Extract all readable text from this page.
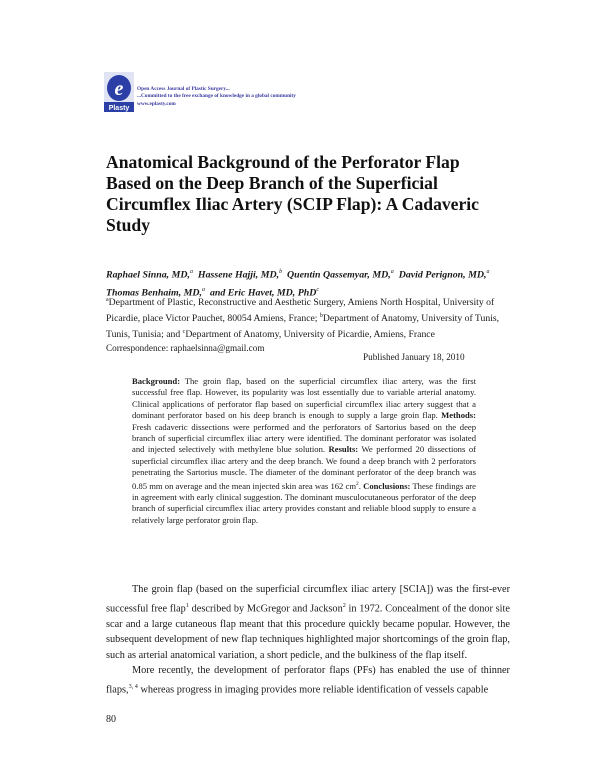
e
Plasty
Open Access Journal of Plastic Surgery...
...Committed to the free exchange of knowledge in a global community
www.eplasty.com
Anatomical Background of the Perforator Flap Based on the Deep Branch of the Superficial Circumflex Iliac Artery (SCIP Flap): A Cadaveric Study
Raphael Sinna, MD,$^a$ Hassene Hajji, MD,$^b$ Quentin Qassemyar, MD,$^a$ David Perignon, MD,$^a$  Thomas Benhaim, MD,$^a$ and Eric Havet, MD, PhD$^c$
$^a$Department of Plastic, Reconstructive and Aesthetic Surgery, Amiens North Hospital, University of Picardie, place Victor Pauchet, 80054 Amiens, France; $^b$Department of Anatomy, University of Tunis, Tunis, Tunisia; and $^c$Department of Anatomy, University of Picardie, Amiens, France
Correspondence: raphaelsinna@gmail.com
Published January 18, 2010

Background: The groin flap, based on the superficial circumflex iliac artery, was the first successful free flap. However, its popularity was lost essentially due to variable arterial anatomy. Clinical applications of perforator flap based on superficial circumflex iliac artery suggest that a dominant perforator based on his deep branch is enough to supply a large groin flap. Methods: Fresh cadaveric dissections were performed and the perforators of Sartorius based on the deep branch of superficial circumflex iliac artery were identified. The dominant perforator was isolated and injected selectively with methylene blue solution. Results: We performed 20 dissections of superficial circumflex iliac artery and the deep branch. We found a deep branch with 2 perforators penetrating the Sartorius muscle. The diameter of the dominant perforator of the deep branch was 0.85 mm on average and the mean injected skin area was 162 $cm^2$. Conclusions: These findings are in agreement with early clinical suggestion. The dominant musculocutaneous perforator of the deep branch of superficial circumflex iliac artery provides constant and reliable blood supply to ensure a relatively large perforator groin flap.

The groin flap (based on the superficial circumflex iliac artery [SCIA]) was the first-ever successful free flap$^1$ described by McGregor and Jackson$^2$ in 1972. Concealment of the donor site scar and a large cutaneous flap meant that this procedure quickly became popular. However, the subsequent development of new flap techniques highlighted major shortcomings of the groin flap, such as arterial anatomical variation, a short pedicle, and the bulkiness of the flap itself.

More recently, the development of perforator flaps (PFs) has enabled the use of thinner flaps,$^{3, 4}$ whereas progress in imaging provides more reliable identification of vessels capable

80
